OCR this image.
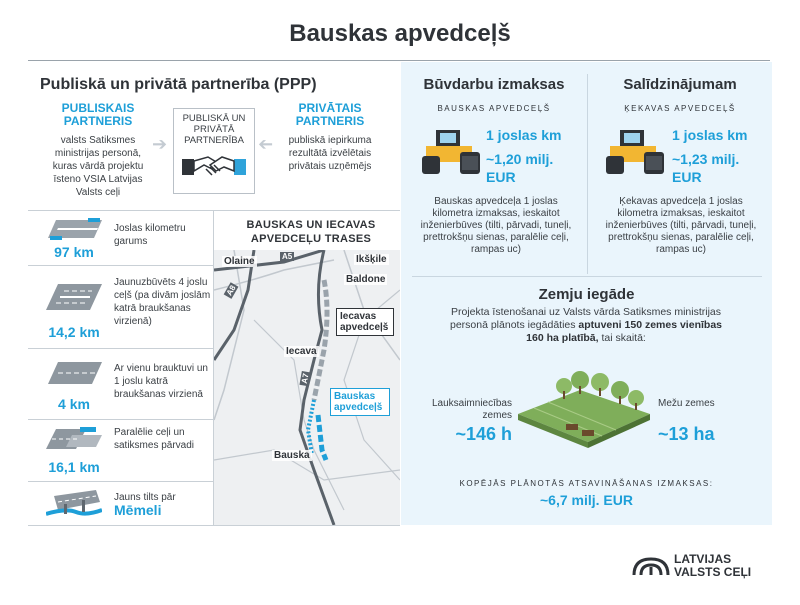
Bauskas apvedceļš
Publiskā un privātā partnerība (PPP)
PUBLISKAIS PARTNERIS
valsts Satiksmes ministrijas personā, kuras vārdā projektu īsteno VSIA Latvijas Valsts ceļi
➔
PUBLISKĀ UN PRIVĀTĀ PARTNERĪBA ➔
PRIVĀTAIS PARTNERIS
publiskā iepirkuma rezultātā izvēlētais privātais uzņēmējs
97 km
Joslas kilometru garums
14,2 km
Jaunuzbūvēts 4 joslu ceļš (pa divām joslām katrā braukšanas virzienā)
4 km
Ar vienu brauktuvi un 1 joslu katrā braukšanas virzienā
16,1 km
Paralēlie ceļi un satiksmes pārvadi
Jauns tilts pār
Mēmeli
BAUSKAS UN IECAVAS APVEDCEĻU TRASES
Olaine	Ikšķile
Baldone
Iecava
Bauska
A5
A8
A7
Iecavas apvedceļš
Bauskas apvedceļš
Būvdarbu izmaksas
BAUSKAS APVEDCEĻŠ
1 joslas km
~1,20 milj. EUR
Bauskas apvedceļa 1 joslas kilometra izmaksas, ieskaitot inženierbūves (tilti, pārvadi, tuneļi, prettrokšņu sienas, paralēlie ceļi, rampas uc)
Salīdzinājumam
ĶEKAVAS APVEDCEĻŠ
1 joslas km
~1,23 milj. EUR
Ķekavas apvedceļa 1 joslas kilometra izmaksas, ieskaitot inženierbūves (tilti, pārvadi, tuneļi, prettrokšņu sienas, paralēlie ceļi, rampas uc)
Zemju iegāde
Projekta īstenošanai uz Valsts vārda Satiksmes ministrijas personā plānots iegādāties aptuveni 150 zemes vienības 160 ha platībā, tai skaitā:
Lauksaimniecības zemes
~146 h
Mežu zemes
~13 ha
KOPĒJĀS PLĀNOTĀS ATSAVINĀŠANAS IZMAKSAS:
~6,7 milj. EUR
LATVIJAS
VALSTS CEĻI
